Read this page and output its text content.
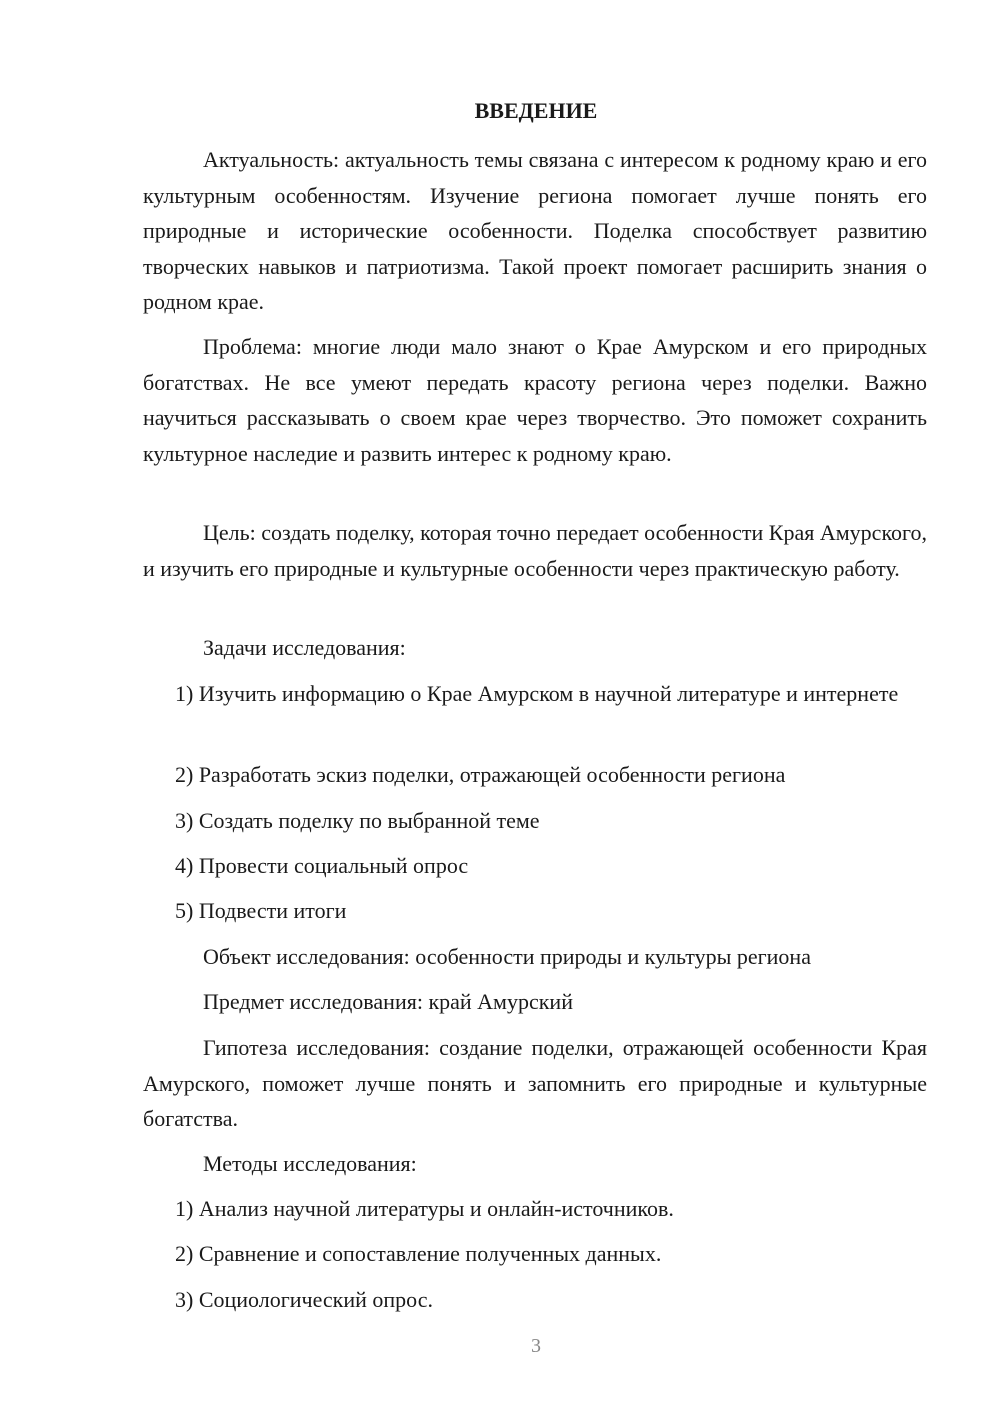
ВВЕДЕНИЕ

Актуальность: актуальность темы связана с интересом к родному краю и его культурным особенностям. Изучение региона помогает лучше понять его природные и исторические особенности. Поделка способствует развитию творческих навыков и патриотизма. Такой проект помогает расширить знания о родном крае.

Проблема: многие люди мало знают о Крае Амурском и его природных богатствах. Не все умеют передать красоту региона через поделки. Важно научиться рассказывать о своем крае через творчество. Это поможет сохранить культурное наследие и развить интерес к родному краю.

Цель: создать поделку, которая точно передает особенности Края Амурского, и изучить его природные и культурные особенности через практическую работу.

Задачи исследования:

1) Изучить информацию о Крае Амурском в научной литературе и интернете

2) Разработать эскиз поделки, отражающей особенности региона

3) Создать поделку по выбранной теме

4) Провести социальный опрос

5) Подвести итоги

Объект исследования: особенности природы и культуры региона

Предмет исследования: край Амурский

Гипотеза исследования: создание поделки, отражающей особенности Края Амурского, поможет лучше понять и запомнить его природные и культурные богатства.

Методы исследования:

1) Анализ научной литературы и онлайн-источников.

2) Сравнение и сопоставление полученных данных.

3) Социологический опрос.

3
